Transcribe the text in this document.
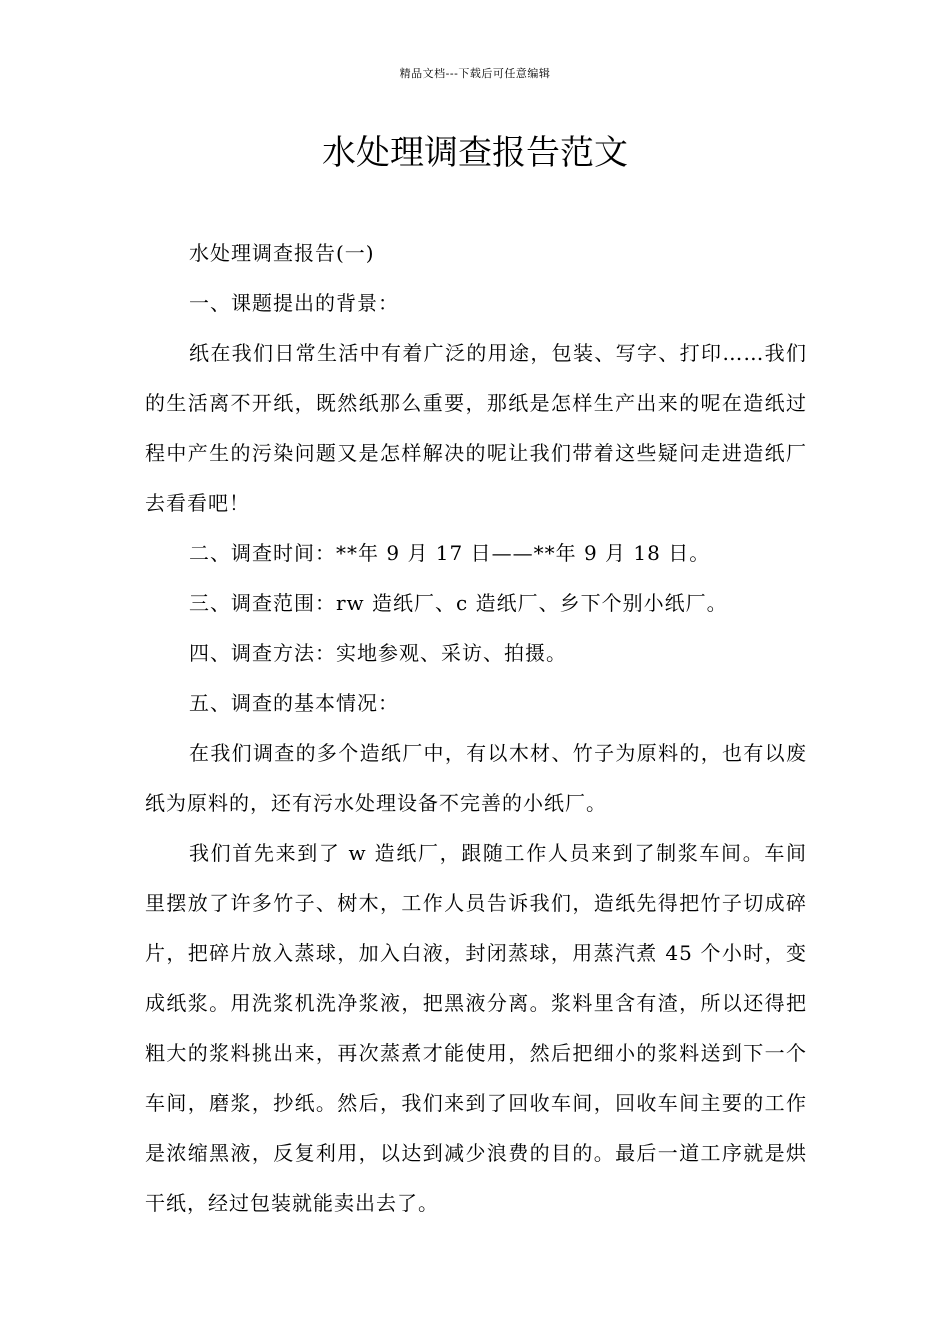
精品文档---下载后可任意编辑
水处理调查报告范文

水处理调查报告(一)

一、课题提出的背景：

纸在我们日常生活中有着广泛的用途，包装、写字、打印……我们的生活离不开纸，既然纸那么重要，那纸是怎样生产出来的呢在造纸过程中产生的污染问题又是怎样解决的呢让我们带着这些疑问走进造纸厂去看看吧！

二、调查时间：**年 9 月 17 日——**年 9 月 18 日。

三、调查范围：rw 造纸厂、c 造纸厂、乡下个别小纸厂。

四、调查方法：实地参观、采访、拍摄。

五、调查的基本情况：

在我们调查的多个造纸厂中，有以木材、竹子为原料的，也有以废纸为原料的，还有污水处理设备不完善的小纸厂。

我们首先来到了 w 造纸厂，跟随工作人员来到了制浆车间。车间里摆放了许多竹子、树木，工作人员告诉我们，造纸先得把竹子切成碎片，把碎片放入蒸球，加入白液，封闭蒸球，用蒸汽煮 45 个小时，变成纸浆。用洗浆机洗净浆液，把黑液分离。浆料里含有渣，所以还得把粗大的浆料挑出来，再次蒸煮才能使用，然后把细小的浆料送到下一个车间，磨浆，抄纸。然后，我们来到了回收车间，回收车间主要的工作是浓缩黑液，反复利用，以达到减少浪费的目的。最后一道工序就是烘干纸，经过包装就能卖出去了。
